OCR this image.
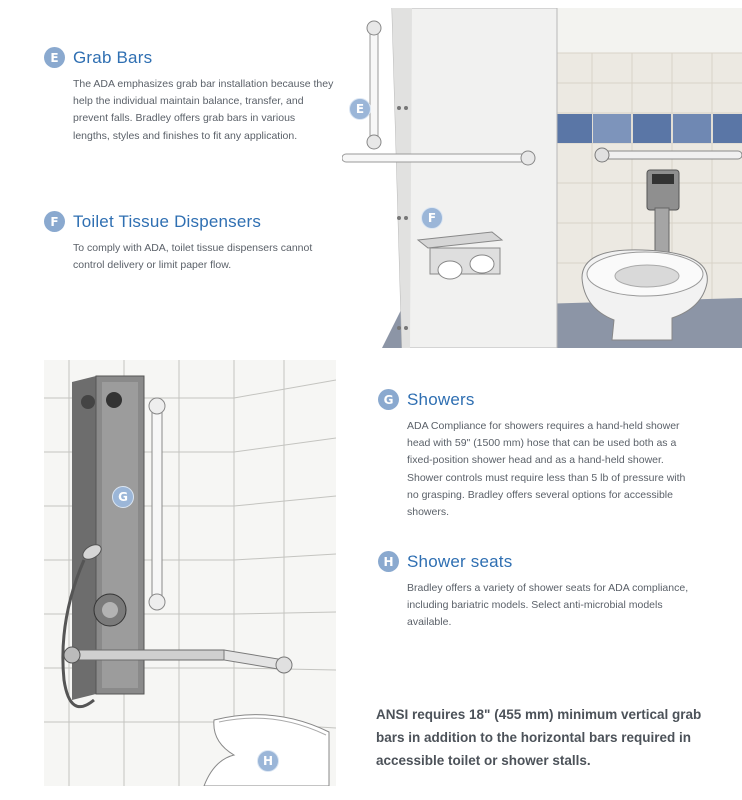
E Grab Bars

The ADA emphasizes grab bar installation because they help the individual maintain balance, transfer, and prevent falls. Bradley offers grab bars in various lengths, styles and finishes to fit any application.

F Toilet Tissue Dispensers

To comply with ADA, toilet tissue dispensers cannot control delivery or limit paper flow.

E
F
G
H
G Showers

ADA Compliance for showers requires a hand-held shower head with 59" (1500 mm) hose that can be used both as a fixed-position shower head and as a hand-held shower. Shower controls must require less than 5 lb of pressure with no grasping. Bradley offers several options for accessible showers.

H Shower seats

Bradley offers a variety of shower seats for ADA compliance, including bariatric models. Select anti-microbial models available.

ANSI requires 18" (455 mm) minimum vertical grab bars in addition to the horizontal bars required in accessible toilet or shower stalls.
